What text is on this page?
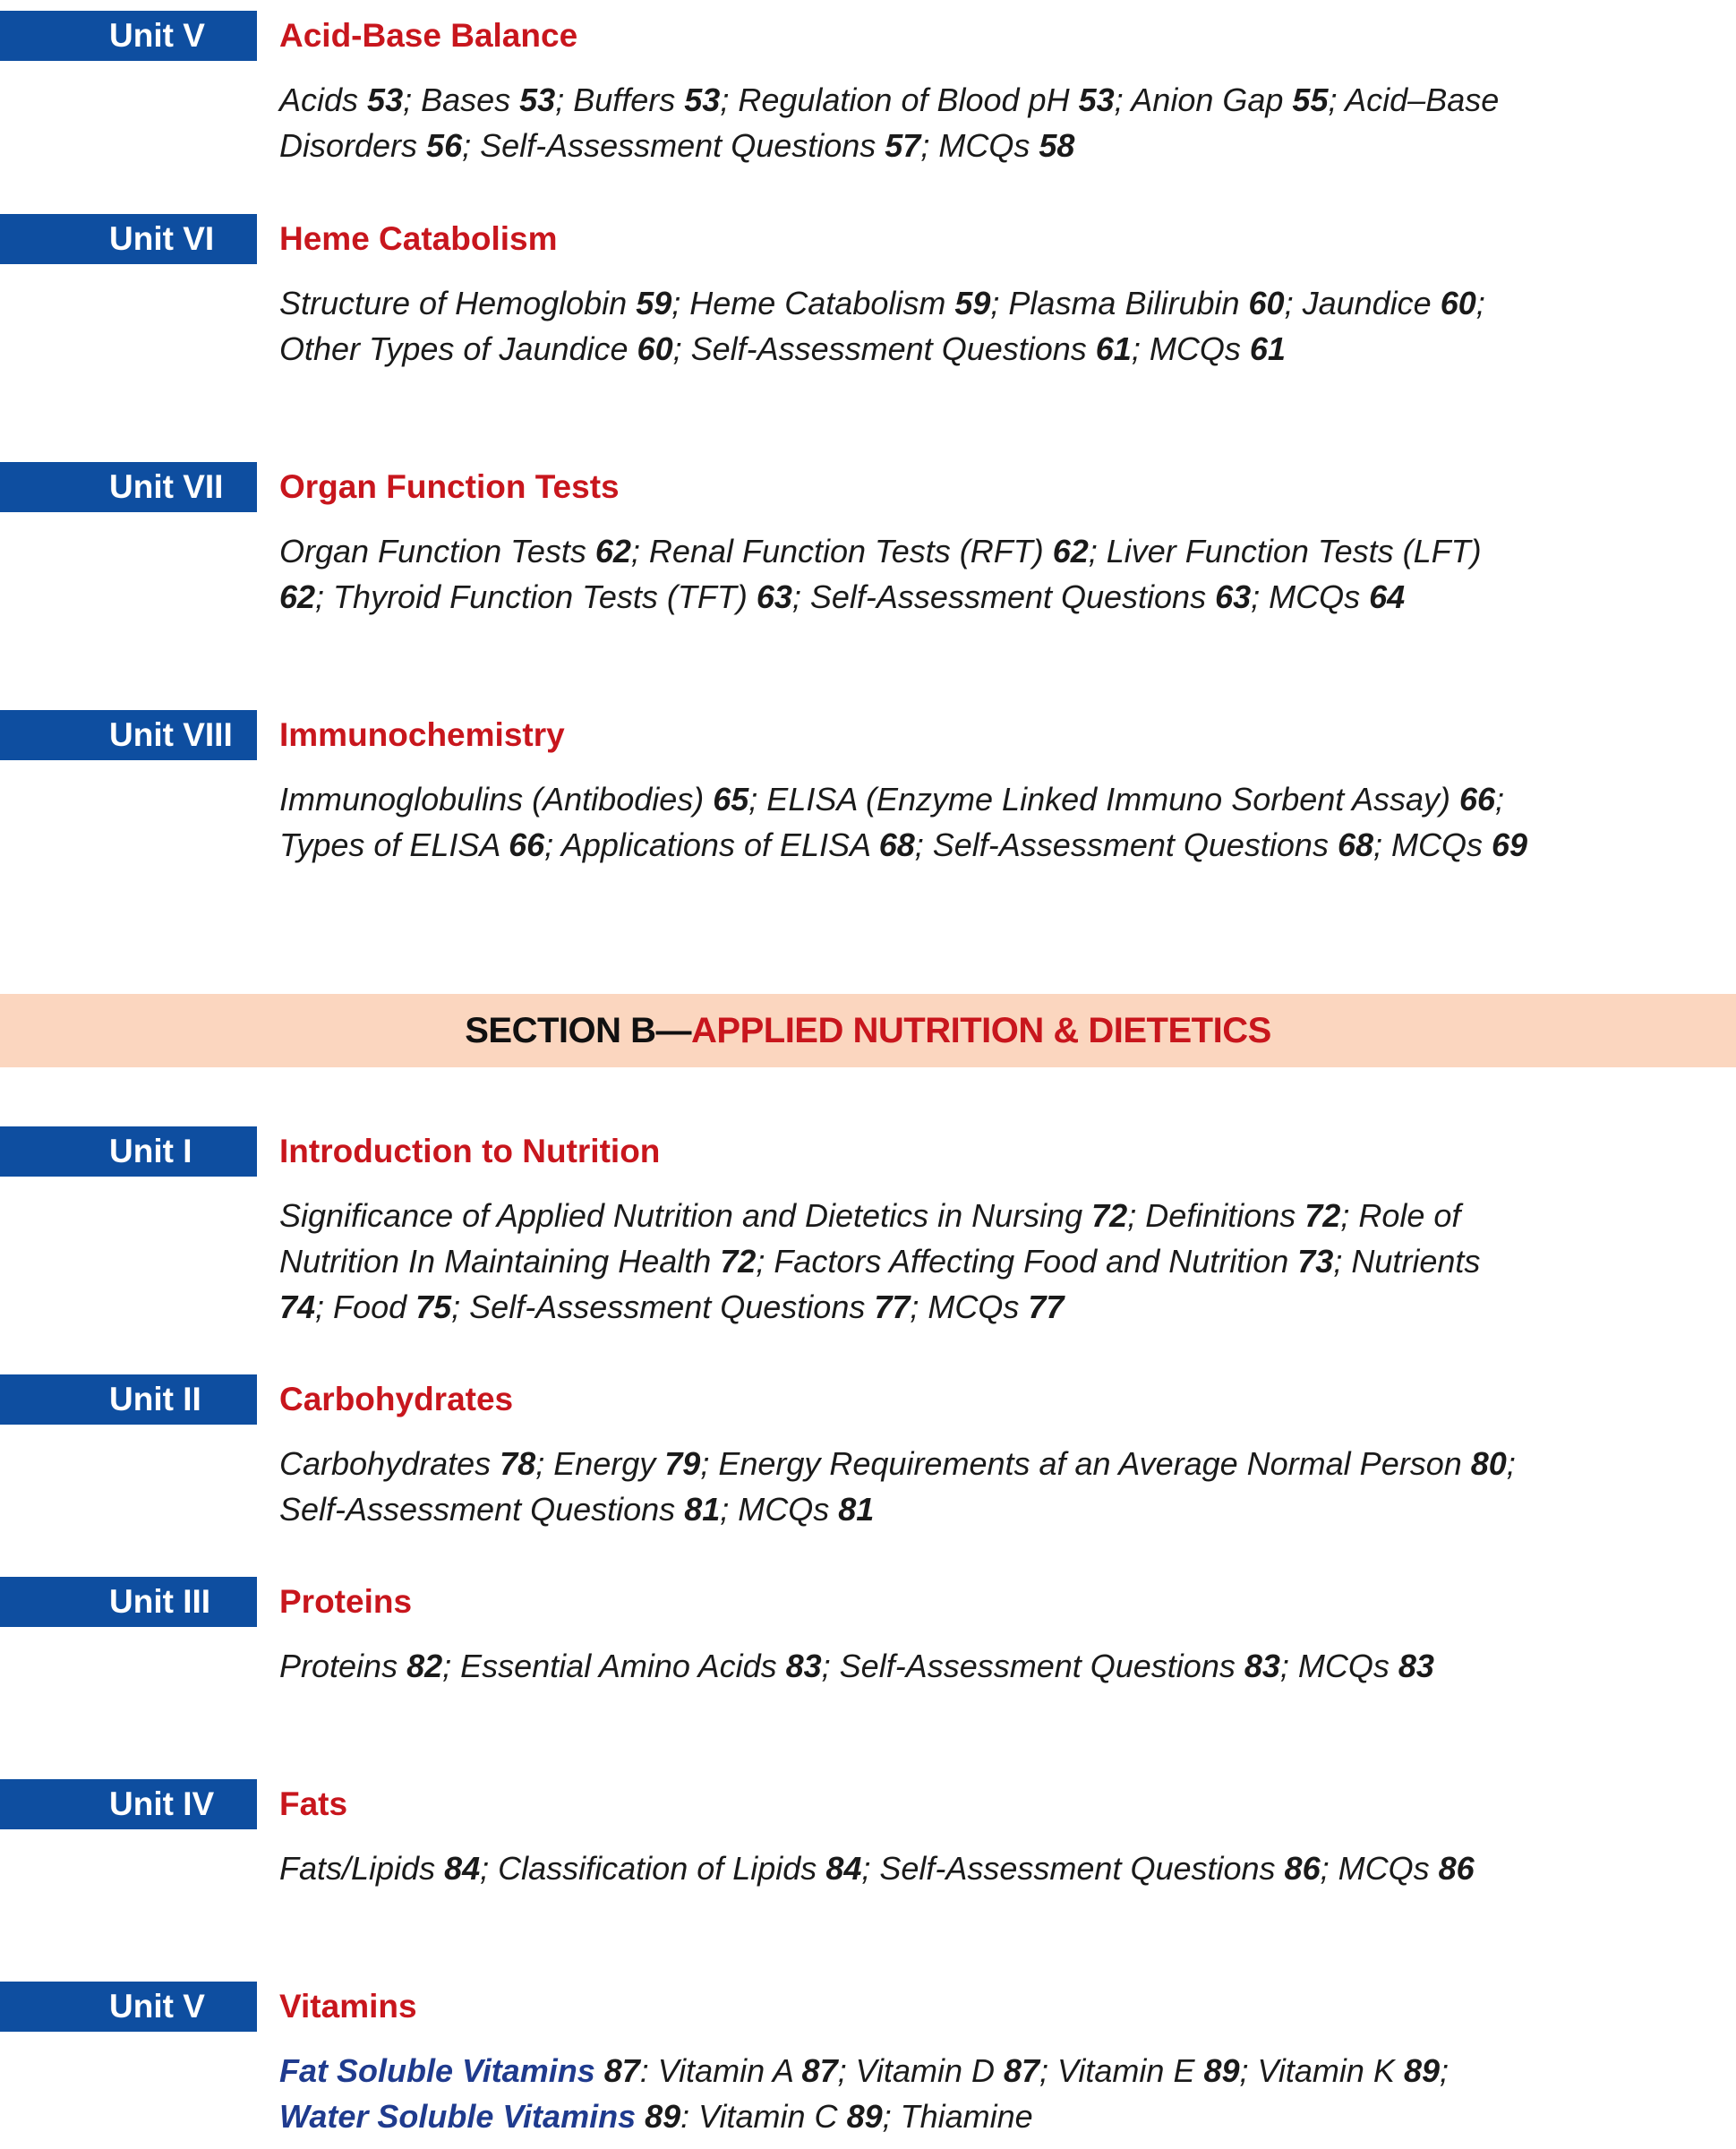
Unit V	Acid-Base Balance
Acids 53; Bases 53; Buffers 53; Regulation of Blood pH 53; Anion Gap 55; Acid–Base Disorders 56; Self-Assessment Questions 57; MCQs 58
Unit VI	Heme Catabolism
Structure of Hemoglobin 59; Heme Catabolism 59; Plasma Bilirubin 60; Jaundice 60; Other Types of Jaundice 60; Self-Assessment Questions 61; MCQs 61
Unit VII	Organ Function Tests
Organ Function Tests 62; Renal Function Tests (RFT) 62; Liver Function Tests (LFT) 62; Thyroid Function Tests (TFT) 63; Self-Assessment Questions 63; MCQs 64
Unit VIII	Immunochemistry
Immunoglobulins (Antibodies) 65; ELISA (Enzyme Linked Immuno Sorbent Assay) 66; Types of ELISA 66; Applications of ELISA 68; Self-Assessment Questions 68; MCQs 69
SECTION B—APPLIED NUTRITION & DIETETICS
Unit I	Introduction to Nutrition
Significance of Applied Nutrition and Dietetics in Nursing 72; Definitions 72; Role of Nutrition In Maintaining Health 72; Factors Affecting Food and Nutrition 73; Nutrients 74; Food 75; Self-Assessment Questions 77; MCQs 77
Unit II	Carbohydrates
Carbohydrates 78; Energy 79; Energy Requirements af an Average Normal Person 80; Self-Assessment Questions 81; MCQs 81
Unit III	Proteins
Proteins 82; Essential Amino Acids 83; Self-Assessment Questions 83; MCQs 83
Unit IV	Fats
Fats/Lipids 84; Classification of Lipids 84; Self-Assessment Questions 86; MCQs 86
Unit V	Vitamins
Fat Soluble Vitamins 87: Vitamin A 87; Vitamin D 87; Vitamin E 89; Vitamin K 89; Water Soluble Vitamins 89: Vitamin C 89; Thiamine
